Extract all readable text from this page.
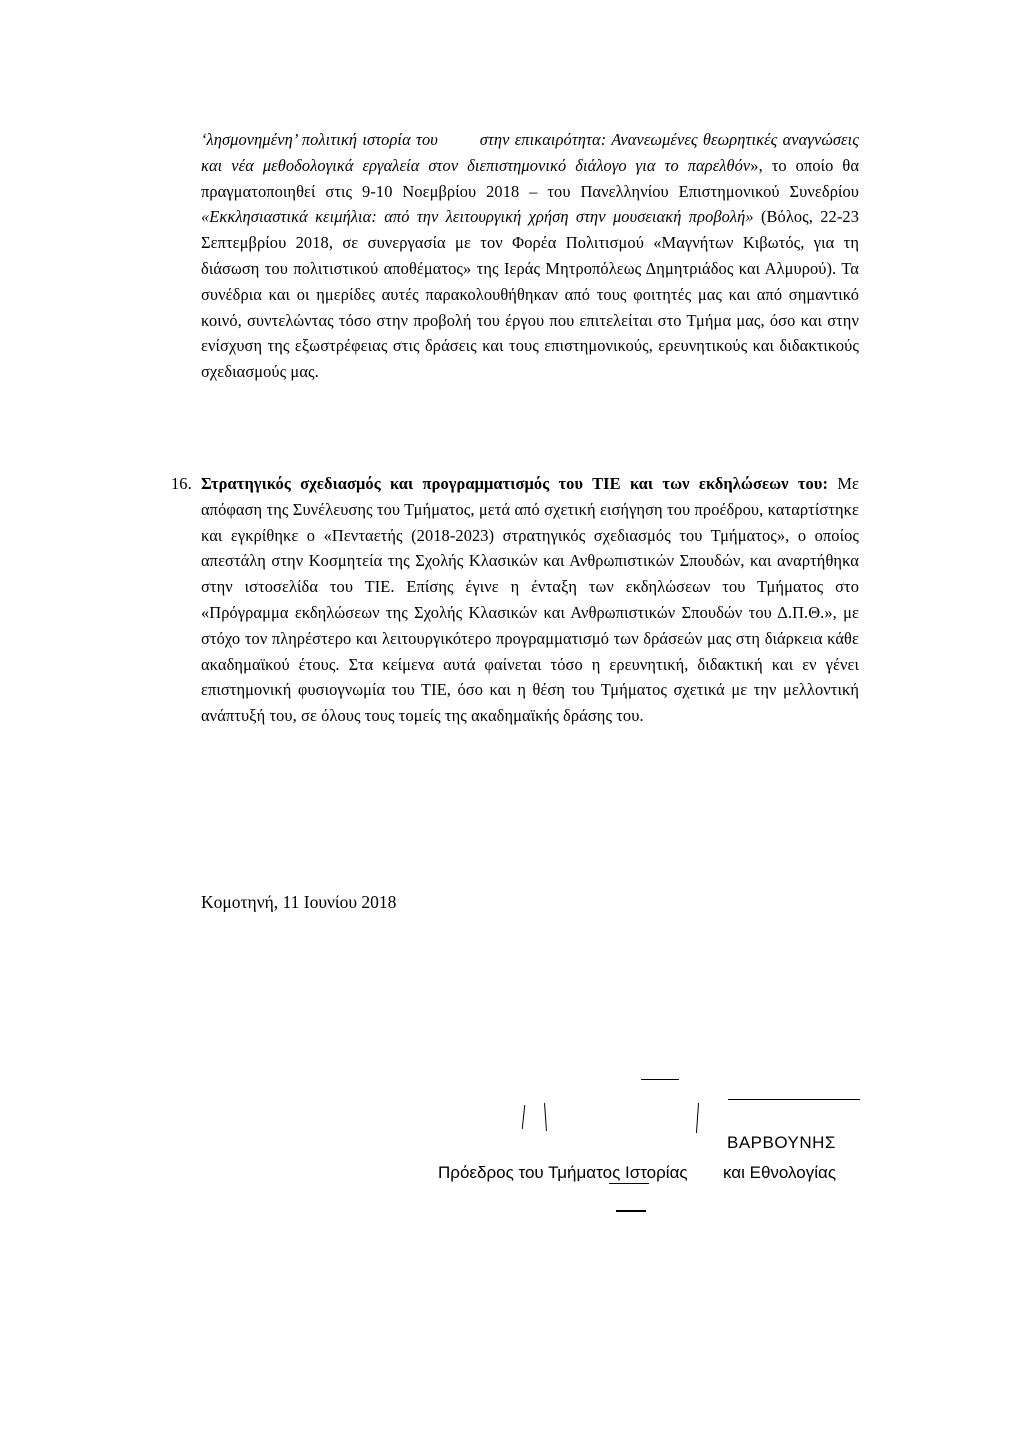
‘λησμονημένη’ πολιτική ιστορία του	στην επικαιρότητα: Ανανεωμένες θεωρητικές αναγνώσεις και νέα μεθοδολογικά εργαλεία στον διεπιστημονικό διάλογο για το παρελθόν», το οποίο θα πραγματοποιηθεί στις 9-10 Νοεμβρίου 2018 – του Πανελληνίου Επιστημονικού Συνεδρίου «Εκκλησιαστικά κειμήλια: από την λειτουργική χρήση στην μουσειακή προβολή» (Βόλος, 22-23 Σεπτεμβρίου 2018, σε συνεργασία με τον Φορέα Πολιτισμού «Μαγνήτων Κιβωτός, για τη διάσωση του πολιτιστικού αποθέματος» της Ιεράς Μητροπόλεως Δημητριάδος και Αλμυρού). Τα συνέδρια και οι ημερίδες αυτές παρακολουθήθηκαν από τους φοιτητές μας και από σημαντικό κοινό, συντελώντας τόσο στην προβολή του έργου που επιτελείται στο Τμήμα μας, όσο και στην ενίσχυση της εξωστρέφειας στις δράσεις και τους επιστημονικούς, ερευνητικούς και διδακτικούς σχεδιασμούς μας.
16. Στρατηγικός σχεδιασμός και προγραμματισμός του ΤΙΕ και των εκδηλώσεων του: Με απόφαση της Συνέλευσης του Τμήματος, μετά από σχετική εισήγηση του προέδρου, καταρτίστηκε και εγκρίθηκε ο «Πενταετής (2018-2023) στρατηγικός σχεδιασμός του Τμήματος», ο οποίος απεστάλη στην Κοσμητεία της Σχολής Κλασικών και Ανθρωπιστικών Σπουδών, και αναρτήθηκα στην ιστοσελίδα του ΤΙΕ. Επίσης έγινε η ένταξη των εκδηλώσεων του Τμήματος στο «Πρόγραμμα εκδηλώσεων της Σχολής Κλασικών και Ανθρωπιστικών Σπουδών του Δ.Π.Θ.», με στόχο τον πληρέστερο και λειτουργικότερο προγραμματισμό των δράσεών μας στη διάρκεια κάθε ακαδημαϊκού έτους. Στα κείμενα αυτά φαίνεται τόσο η ερευνητική, διδακτική και εν γένει επιστημονική φυσιογνωμία του ΤΙΕ, όσο και η θέση του Τμήματος σχετικά με την μελλοντική ανάπτυξή του, σε όλους τους τομείς της ακαδημαϊκής δράσης του.
Κομοτηνή, 11 Ιουνίου 2018
ΒΑΡΒΟΥΝΗΣ
Πρόεδρος του Τμήματος Ιστορίας και Εθνολογίας
